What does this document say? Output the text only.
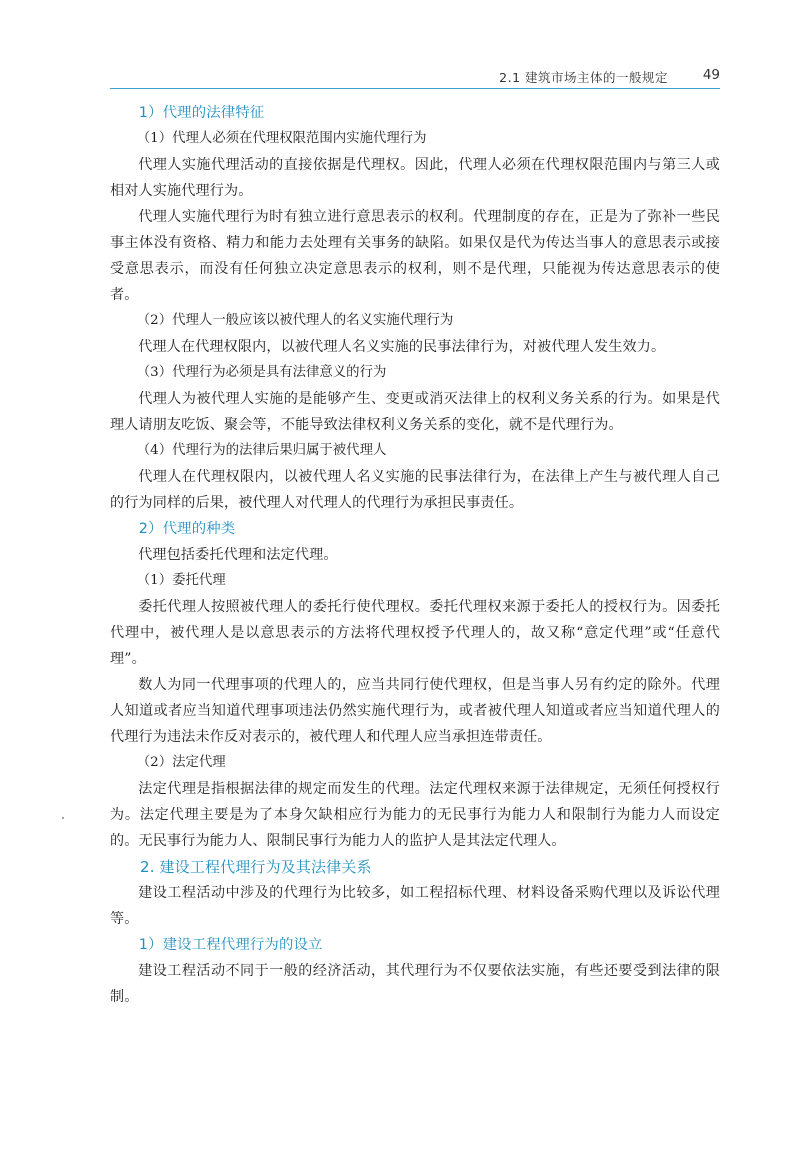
2.1 建筑市场主体的一般规定	49

1）代理的法律特征

（1）代理人必须在代理权限范围内实施代理行为

代理人实施代理活动的直接依据是代理权。因此，代理人必须在代理权限范围内与第三人或相对人实施代理行为。

代理人实施代理行为时有独立进行意思表示的权利。代理制度的存在，正是为了弥补一些民事主体没有资格、精力和能力去处理有关事务的缺陷。如果仅是代为传达当事人的意思表示或接受意思表示，而没有任何独立决定意思表示的权利，则不是代理，只能视为传达意思表示的使者。

（2）代理人一般应该以被代理人的名义实施代理行为

代理人在代理权限内，以被代理人名义实施的民事法律行为，对被代理人发生效力。

（3）代理行为必须是具有法律意义的行为

代理人为被代理人实施的是能够产生、变更或消灭法律上的权利义务关系的行为。如果是代理人请朋友吃饭、聚会等，不能导致法律权利义务关系的变化，就不是代理行为。

（4）代理行为的法律后果归属于被代理人

代理人在代理权限内，以被代理人名义实施的民事法律行为，在法律上产生与被代理人自己的行为同样的后果，被代理人对代理人的代理行为承担民事责任。

2）代理的种类

代理包括委托代理和法定代理。

（1）委托代理

委托代理人按照被代理人的委托行使代理权。委托代理权来源于委托人的授权行为。因委托代理中，被代理人是以意思表示的方法将代理权授予代理人的，故又称“意定代理”或“任意代理”。

数人为同一代理事项的代理人的，应当共同行使代理权，但是当事人另有约定的除外。代理人知道或者应当知道代理事项违法仍然实施代理行为，或者被代理人知道或者应当知道代理人的代理行为违法未作反对表示的，被代理人和代理人应当承担连带责任。

（2）法定代理

法定代理是指根据法律的规定而发生的代理。法定代理权来源于法律规定，无须任何授权行为。法定代理主要是为了本身欠缺相应行为能力的无民事行为能力人和限制行为能力人而设定的。无民事行为能力人、限制民事行为能力人的监护人是其法定代理人。

2. 建设工程代理行为及其法律关系

建设工程活动中涉及的代理行为比较多，如工程招标代理、材料设备采购代理以及诉讼代理等。

1）建设工程代理行为的设立

建设工程活动不同于一般的经济活动，其代理行为不仅要依法实施，有些还要受到法律的限制。
